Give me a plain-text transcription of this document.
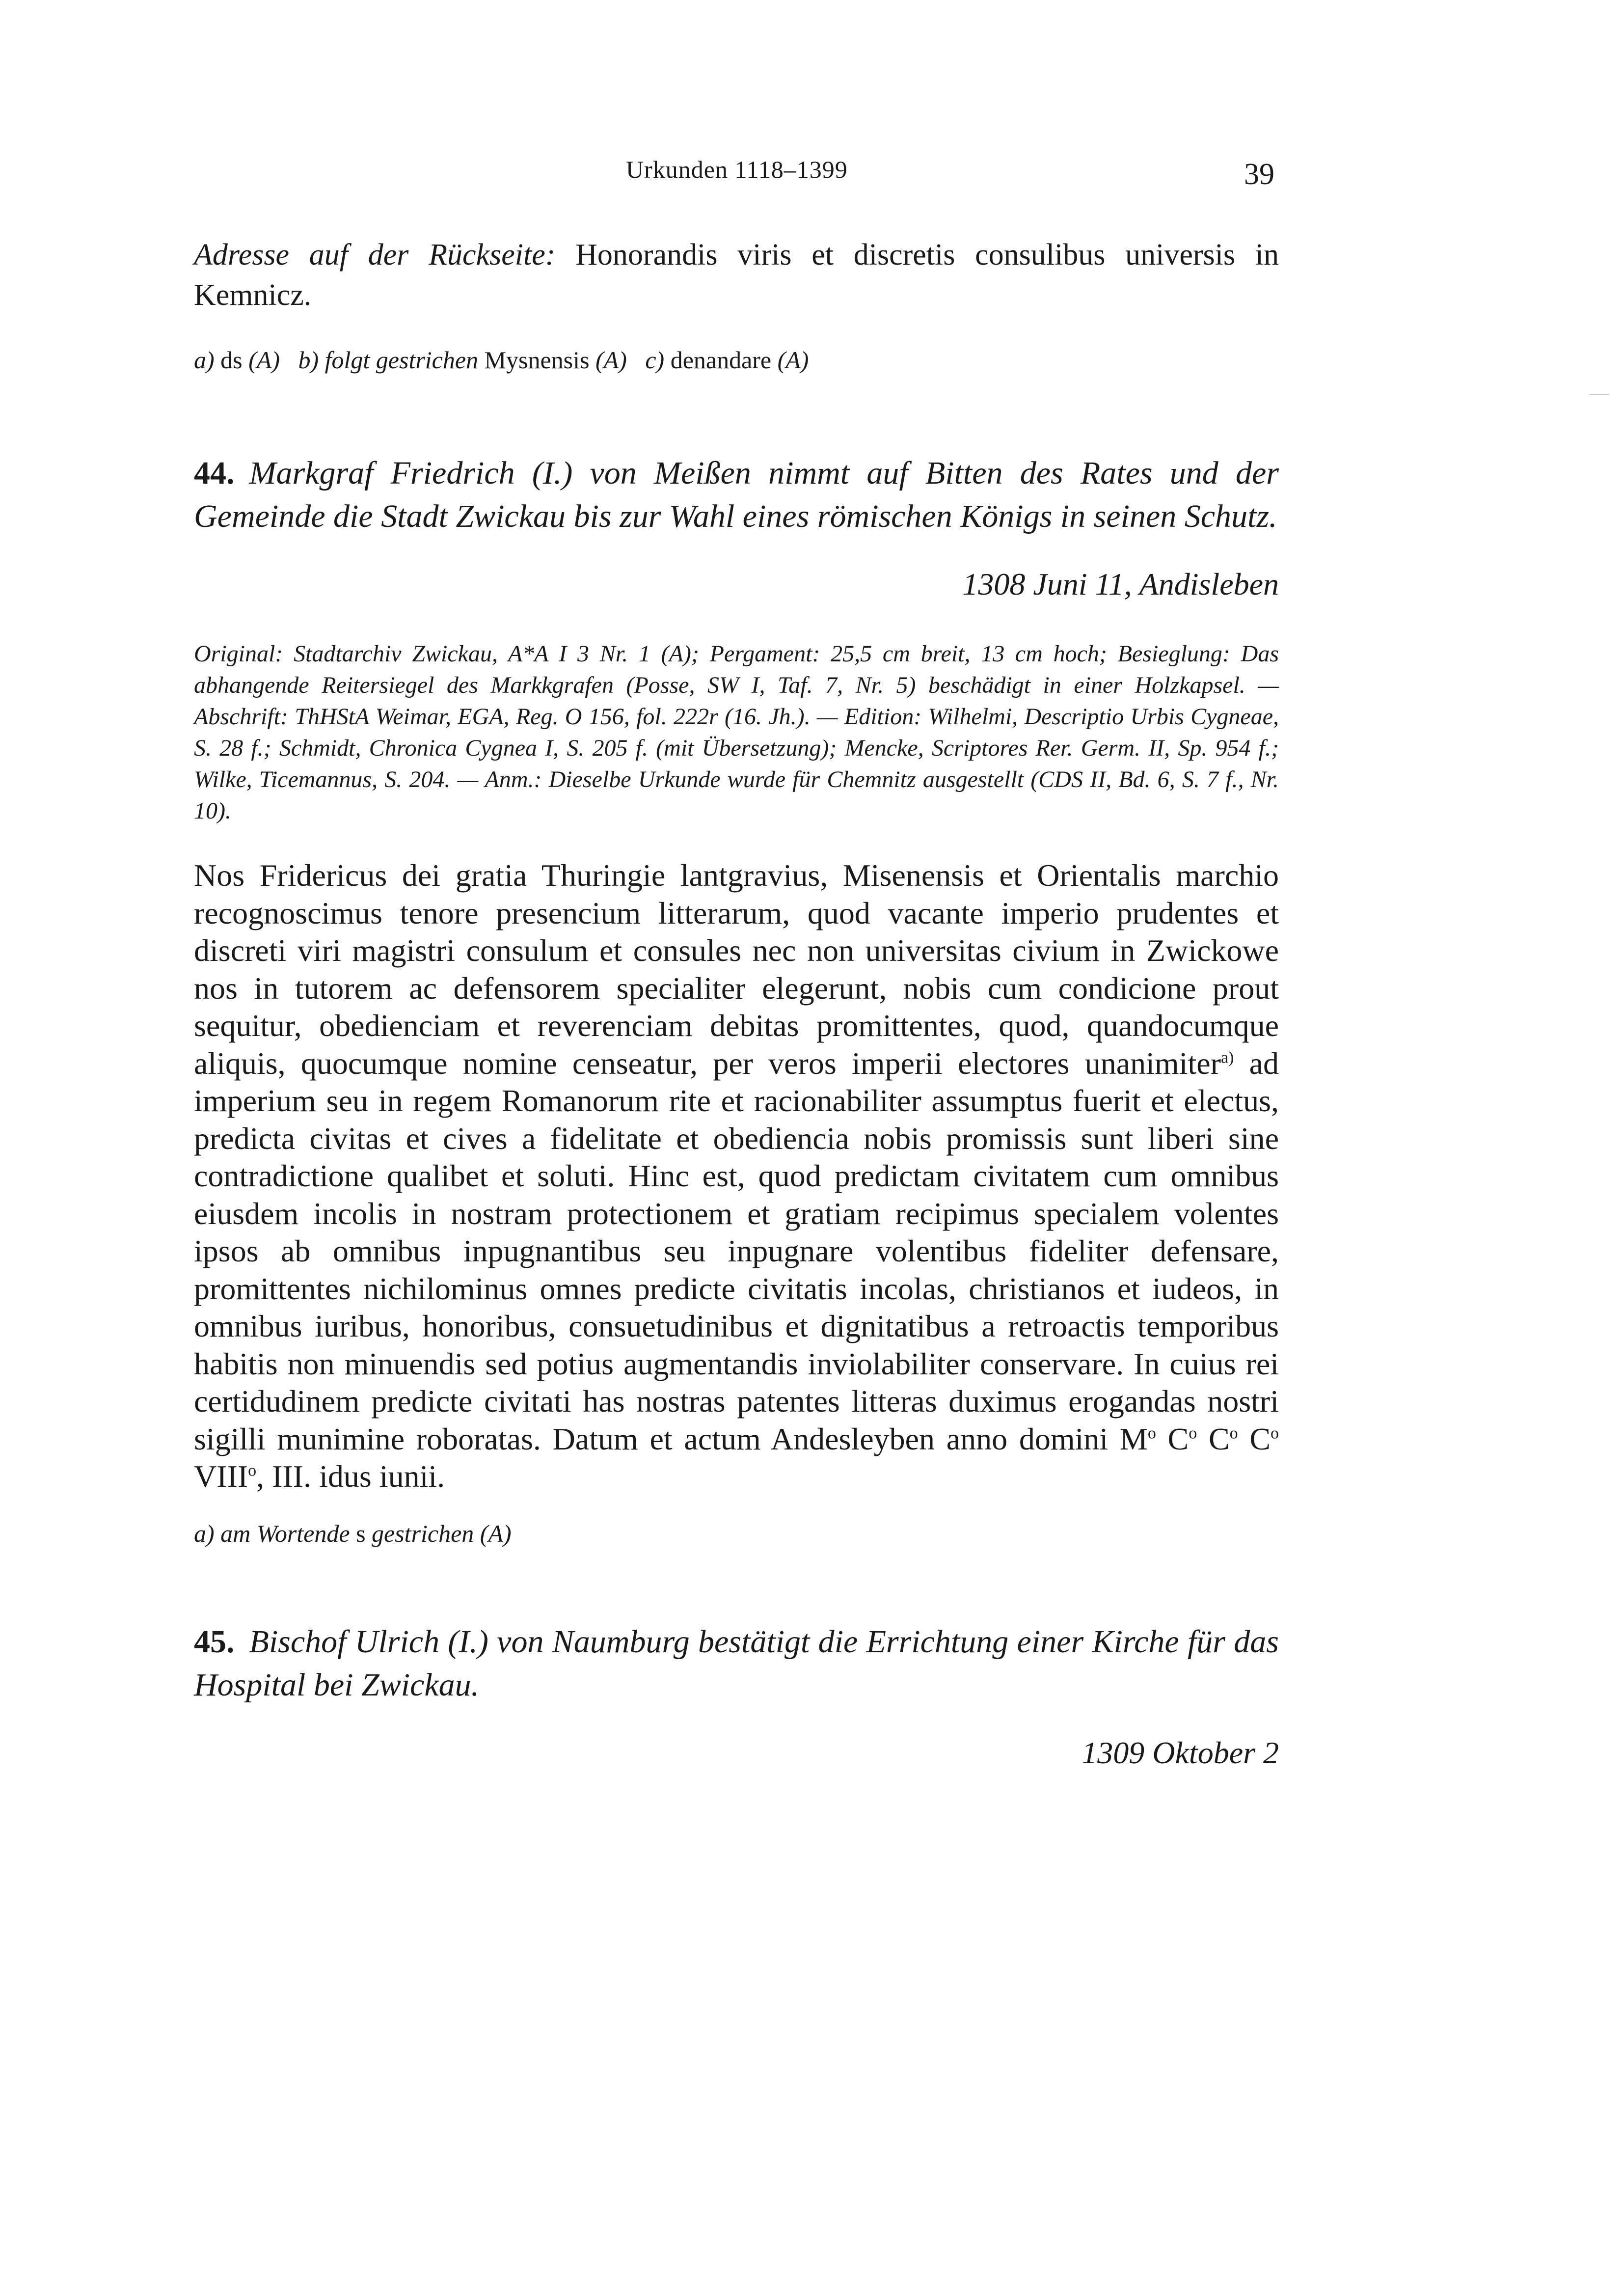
Urkunden 1118–1399	39
Adresse auf der Rückseite: Honorandis viris et discretis consulibus universis in Kemnicz.
a) ds (A) b) folgt gestrichen Mysnensis (A) c) denandare (A)
44. Markgraf Friedrich (I.) von Meißen nimmt auf Bitten des Rates und der Gemeinde die Stadt Zwickau bis zur Wahl eines römischen Königs in seinen Schutz.
1308 Juni 11, Andisleben
Original: Stadtarchiv Zwickau, A*A I 3 Nr. 1 (A); Pergament: 25,5 cm breit, 13 cm hoch; Besieglung: Das abhangende Reitersiegel des Markkgrafen (Posse, SW I, Taf. 7, Nr. 5) beschädigt in einer Holzkapsel. — Abschrift: ThHStA Weimar, EGA, Reg. O 156, fol. 222r (16. Jh.). — Edition: Wilhelmi, Descriptio Urbis Cygneae, S. 28 f.; Schmidt, Chronica Cygnea I, S. 205 f. (mit Übersetzung); Mencke, Scriptores Rer. Germ. II, Sp. 954 f.; Wilke, Ticemannus, S. 204. — Anm.: Dieselbe Urkunde wurde für Chemnitz ausgestellt (CDS II, Bd. 6, S. 7 f., Nr. 10).
Nos Fridericus dei gratia Thuringie lantgravius, Misenensis et Orientalis marchio recognoscimus tenore presencium litterarum, quod vacante imperio prudentes et discreti viri magistri consulum et consules nec non universitas civium in Zwickowe nos in tutorem ac defensorem specialiter elegerunt, nobis cum condicione prout sequitur, obedienciam et reverenciam debitas promittentes, quod, quandocumque aliquis, quocumque nomine censeatur, per veros imperii electores unanimiter$^{a)}$ ad imperium seu in regem Romanorum rite et racionabiliter assumptus fuerit et electus, predicta civitas et cives a fidelitate et obediencia nobis promissis sunt liberi sine contradictione qualibet et soluti. Hinc est, quod predictam civitatem cum omnibus eiusdem incolis in nostram protectionem et gratiam recipimus specialem volentes ipsos ab omnibus inpugnantibus seu inpugnare volentibus fideliter defensare, promittentes nichilominus omnes predicte civitatis incolas, christianos et iudeos, in omnibus iuribus, honoribus, consuetudinibus et dignitatibus a retroactis temporibus habitis non minuendis sed potius augmentandis inviolabiliter conservare. In cuius rei certidudinem predicte civitati has nostras patentes litteras duximus erogandas nostri sigilli munimine roboratas. Datum et actum Andesleyben anno domini $M^o$ $C^o$ $C^o$ $C^o$ VIII$^o$, III. idus iunii.
a) am Wortende s gestrichen (A)
45. Bischof Ulrich (I.) von Naumburg bestätigt die Errichtung einer Kirche für das Hospital bei Zwickau.
1309 Oktober 2
